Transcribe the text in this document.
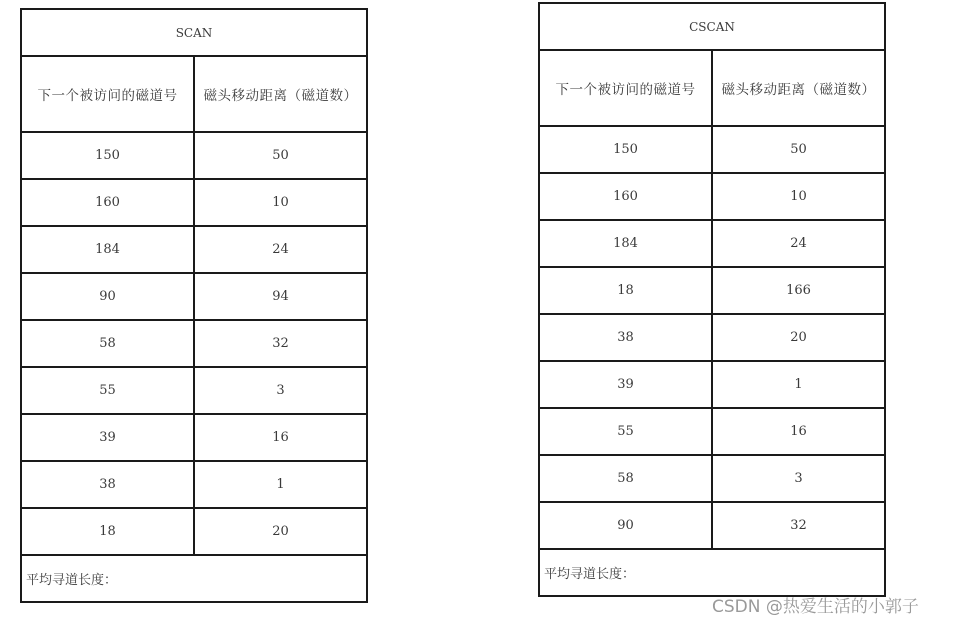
SCAN	
下一个被访问的磁道号	磁头移动距离（磁道数）
150	50
160	10
184	24
90	94
58	32
55	3
39	16
38	1
18	20
平均寻道长度：	
CSCAN	
下一个被访问的磁道号	磁头移动距离（磁道数）
150	50
160	10
184	24
18	166
38	20
39	1
55	16
58	3
90	32
平均寻道长度：	
CSDN @热爱生活的小郭子
